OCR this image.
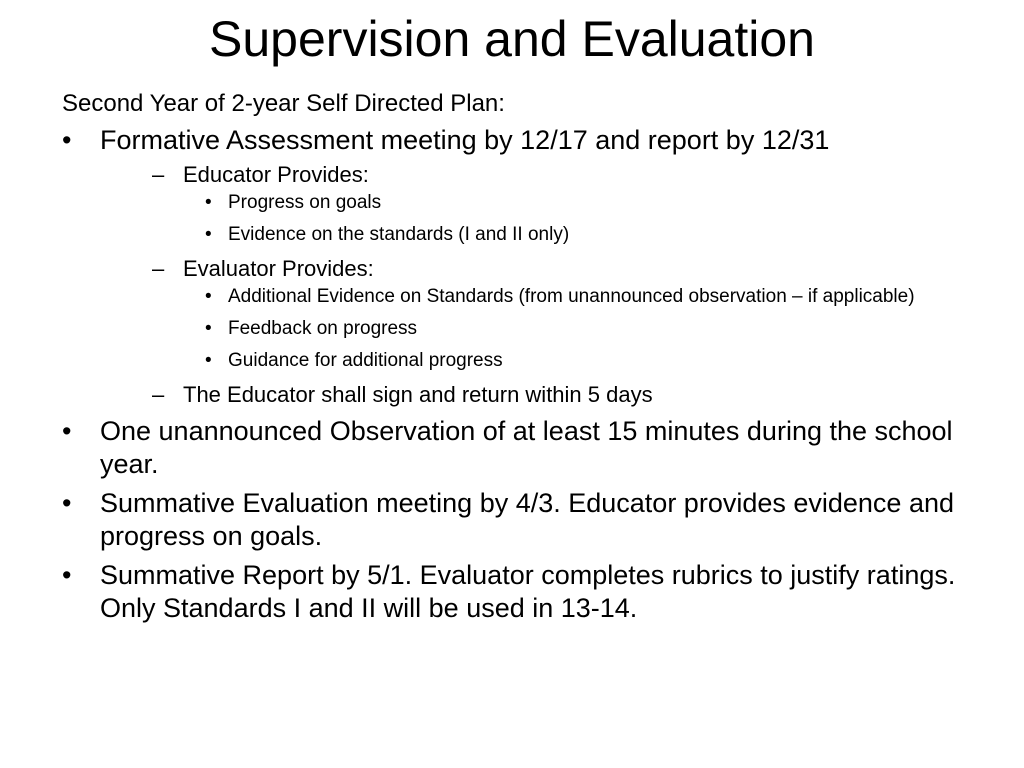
Supervision and Evaluation

Second Year of 2-year Self Directed Plan:

•	Formative Assessment meeting by 12/17 and report by 12/31
– Educator Provides:
• Progress on goals
• Evidence on the standards (I and II only)
– Evaluator Provides:
• Additional Evidence on Standards (from unannounced observation – if applicable)
• Feedback on progress
• Guidance for additional progress
– The Educator shall sign and return within 5 days
•	One unannounced Observation of at least 15 minutes during the school year.
•	Summative Evaluation meeting by 4/3. Educator provides evidence and progress on goals.
•	Summative Report by 5/1. Evaluator completes rubrics to justify ratings. Only Standards I and II will be used in 13-14.
